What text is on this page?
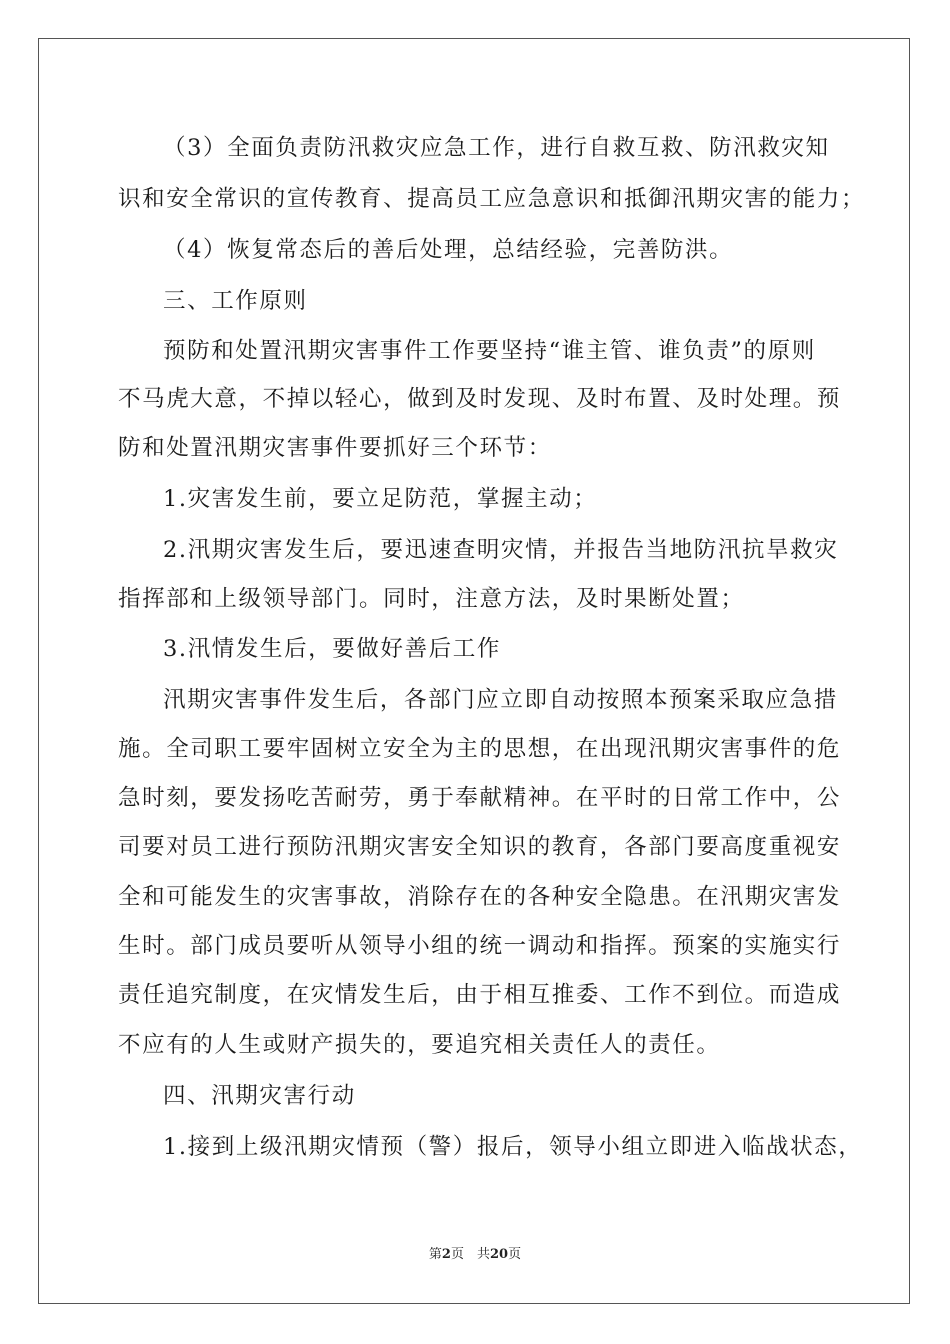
（3）全面负责防汛救灾应急工作，进行自救互救、防汛救灾知
识和安全常识的宣传教育、提高员工应急意识和抵御汛期灾害的能力；
（4）恢复常态后的善后处理，总结经验，完善防洪。
三、工作原则
预防和处置汛期灾害事件工作要坚持“谁主管、谁负责”的原则
不马虎大意，不掉以轻心，做到及时发现、及时布置、及时处理。预
防和处置汛期灾害事件要抓好三个环节：
1.灾害发生前，要立足防范，掌握主动；
2.汛期灾害发生后，要迅速查明灾情，并报告当地防汛抗旱救灾
指挥部和上级领导部门。同时，注意方法，及时果断处置；
3.汛情发生后，要做好善后工作
汛期灾害事件发生后，各部门应立即自动按照本预案采取应急措
施。全司职工要牢固树立安全为主的思想，在出现汛期灾害事件的危
急时刻，要发扬吃苦耐劳，勇于奉献精神。在平时的日常工作中，公
司要对员工进行预防汛期灾害安全知识的教育，各部门要高度重视安
全和可能发生的灾害事故，消除存在的各种安全隐患。在汛期灾害发
生时。部门成员要听从领导小组的统一调动和指挥。预案的实施实行
责任追究制度，在灾情发生后，由于相互推委、工作不到位。而造成
不应有的人生或财产损失的，要追究相关责任人的责任。
四、汛期灾害行动
1.接到上级汛期灾情预（警）报后，领导小组立即进入临战状态，
第2页　共20页
